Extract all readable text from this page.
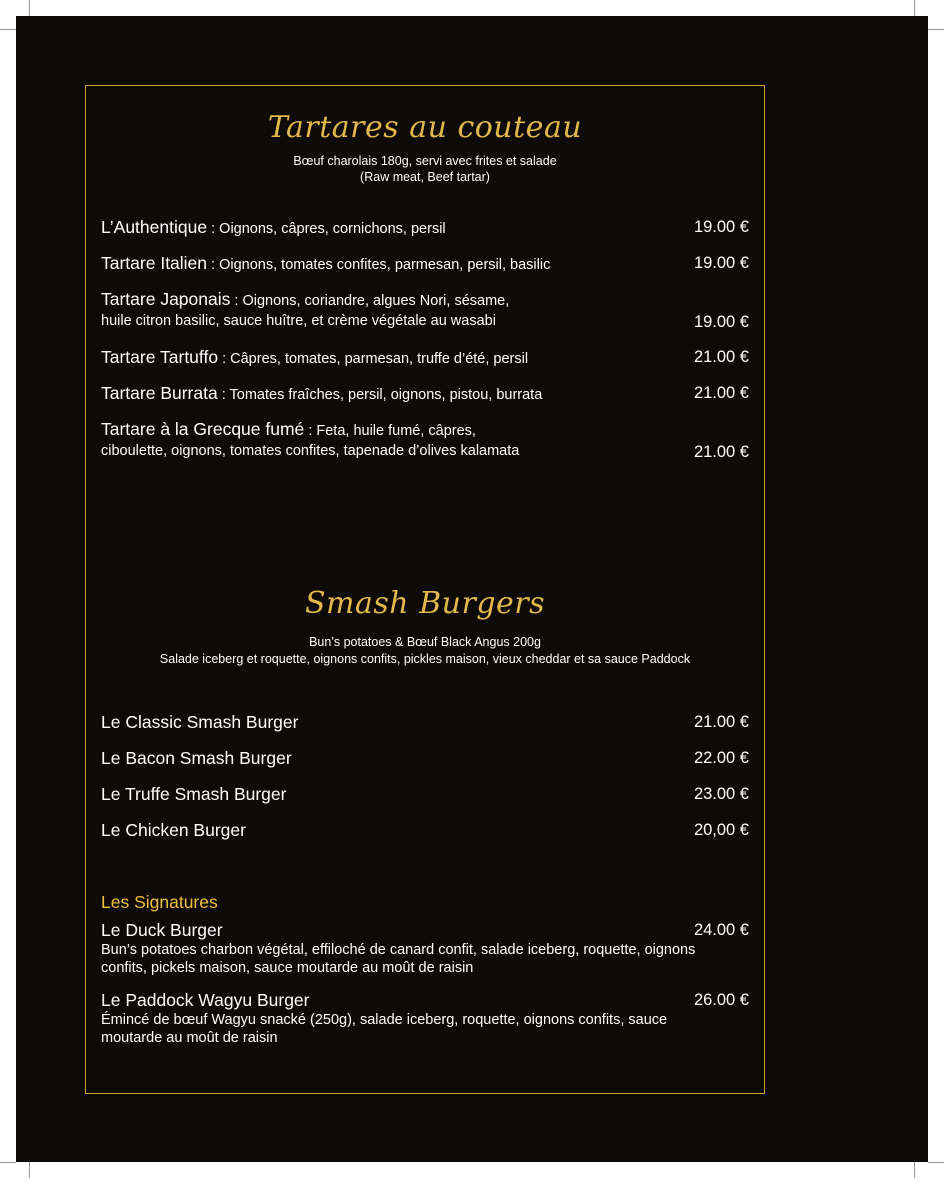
Tartares au couteau
Bœuf charolais 180g, servi avec frites et salade
(Raw meat, Beef tartar)
L’Authentique : Oignons, câpres, cornichons, persil	19.00 €
Tartare Italien : Oignons, tomates confites, parmesan, persil, basilic	19.00 €
Tartare Japonais : Oignons, coriandre, algues Nori, sésame,
huile citron basilic, sauce huître, et crème végétale au wasabi	19.00 €
Tartare Tartuffo : Câpres, tomates, parmesan, truffe d’été, persil	21.00 €
Tartare Burrata : Tomates fraîches, persil, oignons, pistou, burrata	21.00 €
Tartare à la Grecque fumé : Feta, huile fumé, câpres,
ciboulette, oignons, tomates confites, tapenade d’olives kalamata	21.00 €
Smash Burgers
Bun’s potatoes & Bœuf Black Angus 200g
Salade iceberg et roquette, oignons confits, pickles maison, vieux cheddar et sa sauce Paddock
Le Classic Smash Burger	21.00 €
Le Bacon Smash Burger	22.00 €
Le Truffe Smash Burger	23.00 €
Le Chicken Burger	20,00 €
Les Signatures
Le Duck Burger	24.00 €
Bun’s potatoes charbon végétal, effiloché de canard confit, salade iceberg, roquette, oignons confits, pickels maison, sauce moutarde au moût de raisin
Le Paddock Wagyu Burger	26.00 €
Émincé de bœuf Wagyu snacké (250g), salade iceberg, roquette, oignons confits, sauce moutarde au moût de raisin
